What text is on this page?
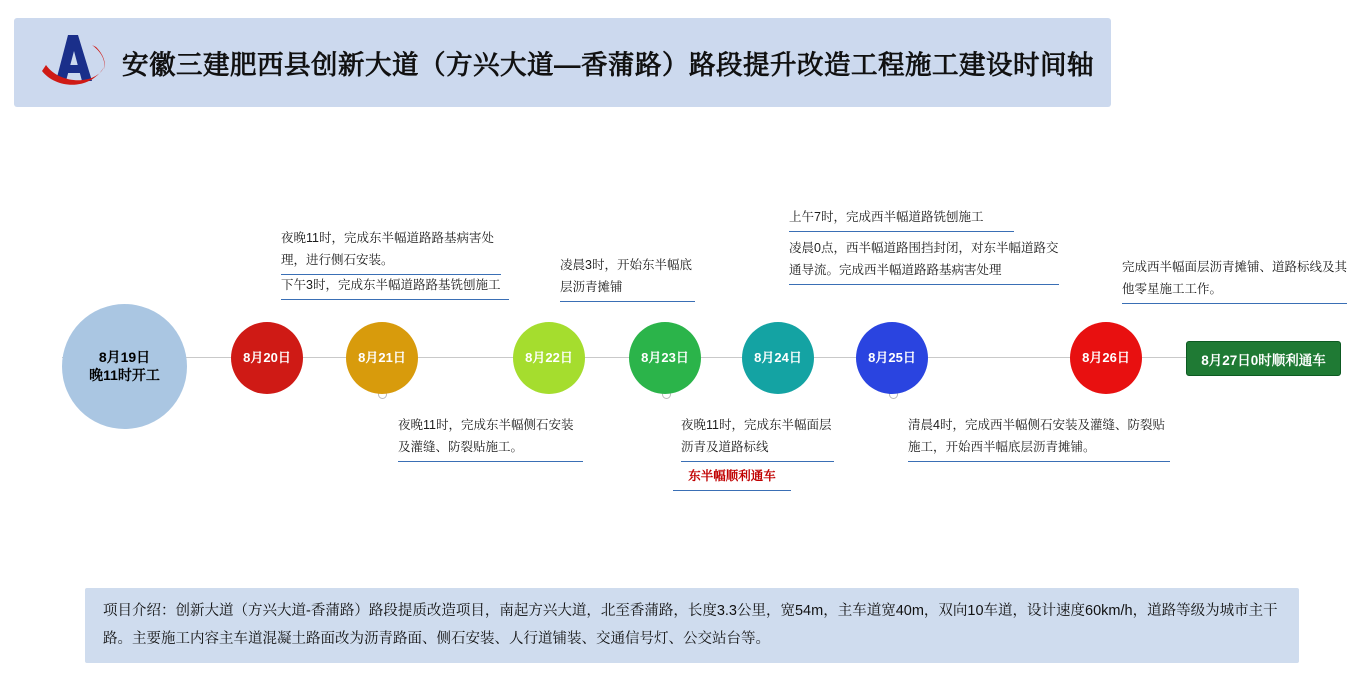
安徽三建肥西县创新大道（方兴大道—香蒲路）路段提升改造工程施工建设时间轴
8月19日
晚11时开工
8月20日	8月21日	8月22日	8月23日	8月24日	8月25日	8月26日
夜晚11时，完成东半幅道路路基病害处理，进行侧石安装。
下午3时，完成东半幅道路路基铣刨施工
凌晨3时，开始东半幅底层沥青摊铺
上午7时，完成西半幅道路铣刨施工
凌晨0点，西半幅道路围挡封闭，对东半幅道路交通导流。完成西半幅道路路基病害处理	完成西半幅面层沥青摊铺、道路标线及其他零星施工工作。
夜晚11时，完成东半幅侧石安装及灌缝、防裂贴施工。
夜晚11时，完成东半幅面层沥青及道路标线
东半幅顺利通车
清晨4时，完成西半幅侧石安装及灌缝、防裂贴施工，开始西半幅底层沥青摊铺。
8月27日0时顺利通车

项目介绍：创新大道（方兴大道-香蒲路）路段提质改造项目，南起方兴大道，北至香蒲路，长度3.3公里，宽54m，主车道宽40m，双向10车道，设计速度60km/h，道路等级为城市主干路。主要施工内容主车道混凝土路面改为沥青路面、侧石安装、人行道铺装、交通信号灯、公交站台等。
